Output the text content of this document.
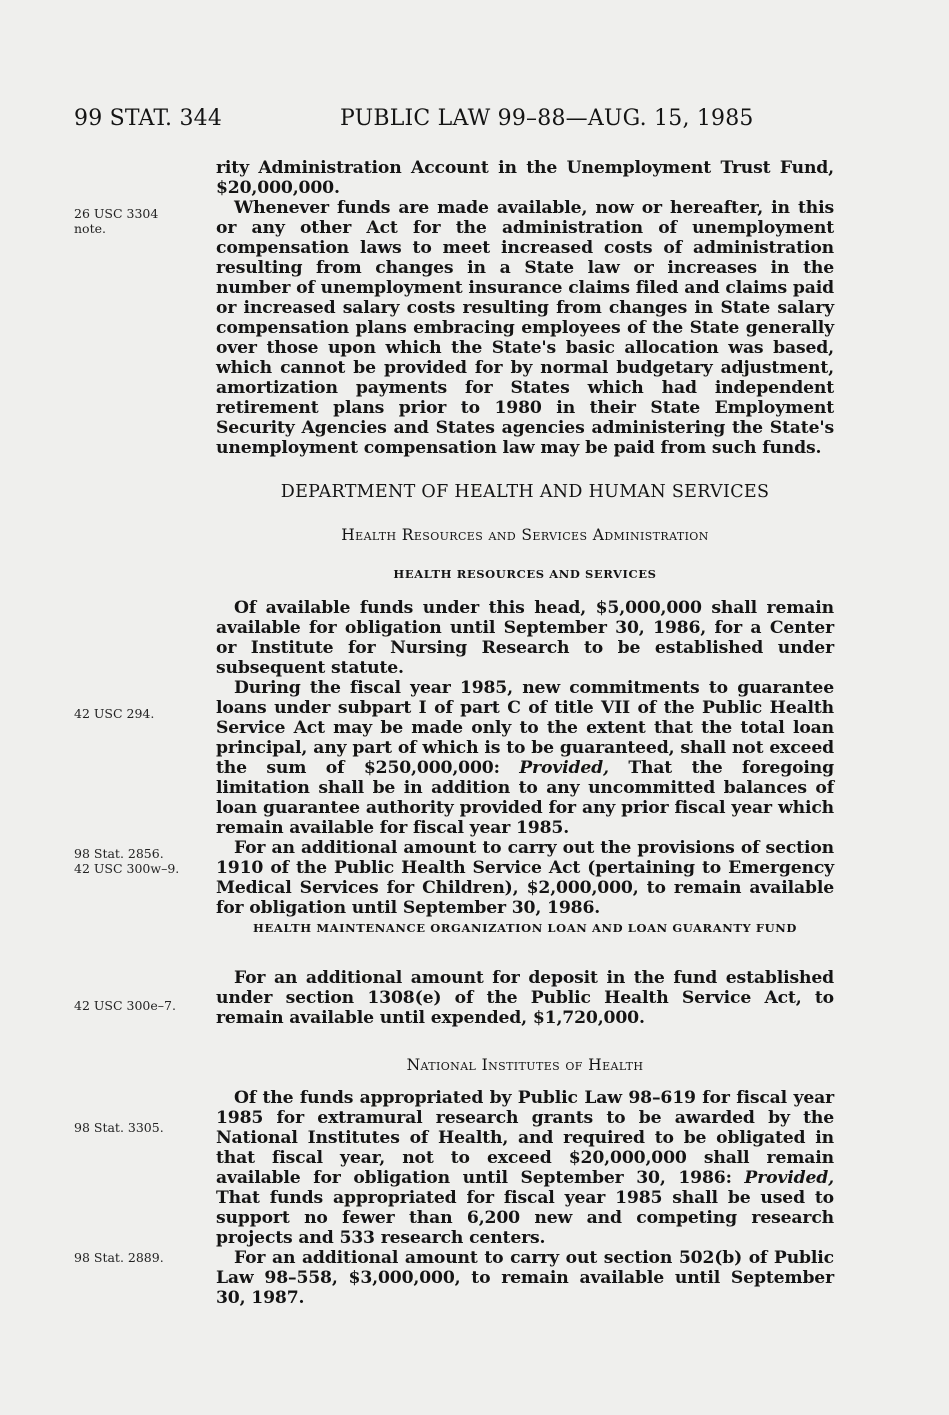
99 STAT. 344	PUBLIC LAW 99–88—AUG. 15, 1985
26 USC 3304
note.
42 USC 294.
98 Stat. 2856.
42 USC 300w–9.
42 USC 300e–7.
98 Stat. 3305.
98 Stat. 2889.

rity Administration Account in the Unemployment Trust Fund, $20,000,000.

Whenever funds are made available, now or hereafter, in this or any other Act for the administration of unemployment compensation laws to meet increased costs of administration resulting from changes in a State law or increases in the number of unemployment insurance claims filed and claims paid or increased salary costs resulting from changes in State salary compensation plans embracing employees of the State generally over those upon which the State's basic allocation was based, which cannot be provided for by normal budgetary adjustment, amortization payments for States which had independent retirement plans prior to 1980 in their State Employment Security Agencies and States agencies administering the State's unemployment compensation law may be paid from such funds.

DEPARTMENT OF HEALTH AND HUMAN SERVICES
Health Resources and Services Administration
HEALTH RESOURCES AND SERVICES

Of available funds under this head, $5,000,000 shall remain available for obligation until September 30, 1986, for a Center or Institute for Nursing Research to be established under subsequent statute.

During the fiscal year 1985, new commitments to guarantee loans under subpart I of part C of title VII of the Public Health Service Act may be made only to the extent that the total loan principal, any part of which is to be guaranteed, shall not exceed the sum of $250,000,000: Provided, That the foregoing limitation shall be in addition to any uncommitted balances of loan guarantee authority provided for any prior fiscal year which remain available for fiscal year 1985.

For an additional amount to carry out the provisions of section 1910 of the Public Health Service Act (pertaining to Emergency Medical Services for Children), $2,000,000, to remain available for obligation until September 30, 1986.

HEALTH MAINTENANCE ORGANIZATION LOAN AND LOAN GUARANTY FUND

For an additional amount for deposit in the fund established under section 1308(e) of the Public Health Service Act, to remain available until expended, $1,720,000.

National Institutes of Health

Of the funds appropriated by Public Law 98–619 for fiscal year 1985 for extramural research grants to be awarded by the National Institutes of Health, and required to be obligated in that fiscal year, not to exceed $20,000,000 shall remain available for obligation until September 30, 1986: Provided, That funds appropriated for fiscal year 1985 shall be used to support no fewer than 6,200 new and competing research projects and 533 research centers.

For an additional amount to carry out section 502(b) of Public Law 98–558, $3,000,000, to remain available until September 30, 1987.
